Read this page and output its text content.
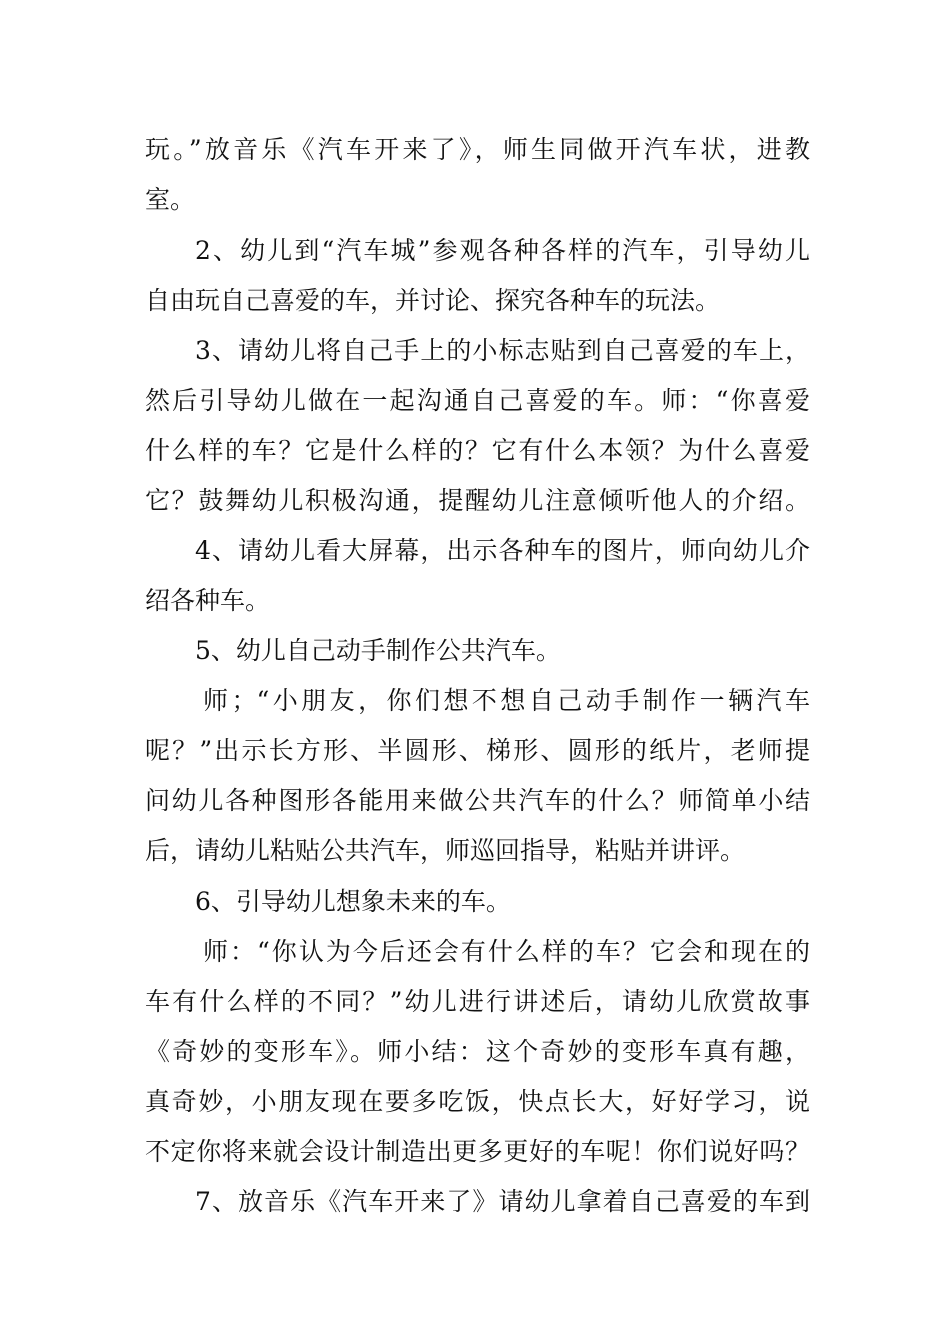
玩。”放音乐《汽车开来了》，师生同做开汽车状，进教
室。
2、幼儿到“汽车城”参观各种各样的汽车，引导幼儿
自由玩自己喜爱的车，并讨论、探究各种车的玩法。
3、请幼儿将自己手上的小标志贴到自己喜爱的车上，
然后引导幼儿做在一起沟通自己喜爱的车。师：“你喜爱
什么样的车？它是什么样的？它有什么本领？为什么喜爱
它？鼓舞幼儿积极沟通，提醒幼儿注意倾听他人的介绍。
4、请幼儿看大屏幕，出示各种车的图片，师向幼儿介
绍各种车。
5、幼儿自己动手制作公共汽车。
师；“小朋友，你们想不想自己动手制作一辆汽车
呢？”出示长方形、半圆形、梯形、圆形的纸片，老师提
问幼儿各种图形各能用来做公共汽车的什么？师简单小结
后，请幼儿粘贴公共汽车，师巡回指导，粘贴并讲评。
6、引导幼儿想象未来的车。
师：“你认为今后还会有什么样的车？它会和现在的
车有什么样的不同？”幼儿进行讲述后，请幼儿欣赏故事
《奇妙的变形车》。师小结：这个奇妙的变形车真有趣，
真奇妙，小朋友现在要多吃饭，快点长大，好好学习，说
不定你将来就会设计制造出更多更好的车呢！你们说好吗？
7、放音乐《汽车开来了》请幼儿拿着自己喜爱的车到
